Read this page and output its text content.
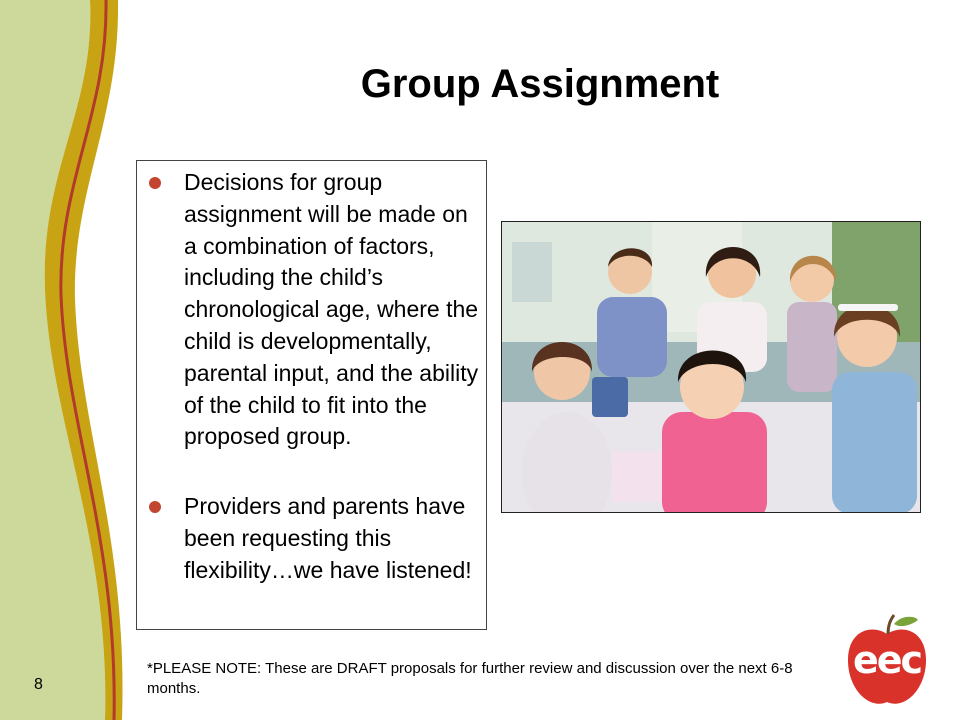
Group Assignment
Decisions for group assignment will be made on a combination of factors, including the child’s chronological age, where the child is developmentally, parental input, and the ability of the child to fit into the proposed group.
Providers and parents have been requesting this flexibility…we have listened!
*PLEASE NOTE: These are DRAFT proposals for further review and discussion over the next 6-8 months.
8
eec
